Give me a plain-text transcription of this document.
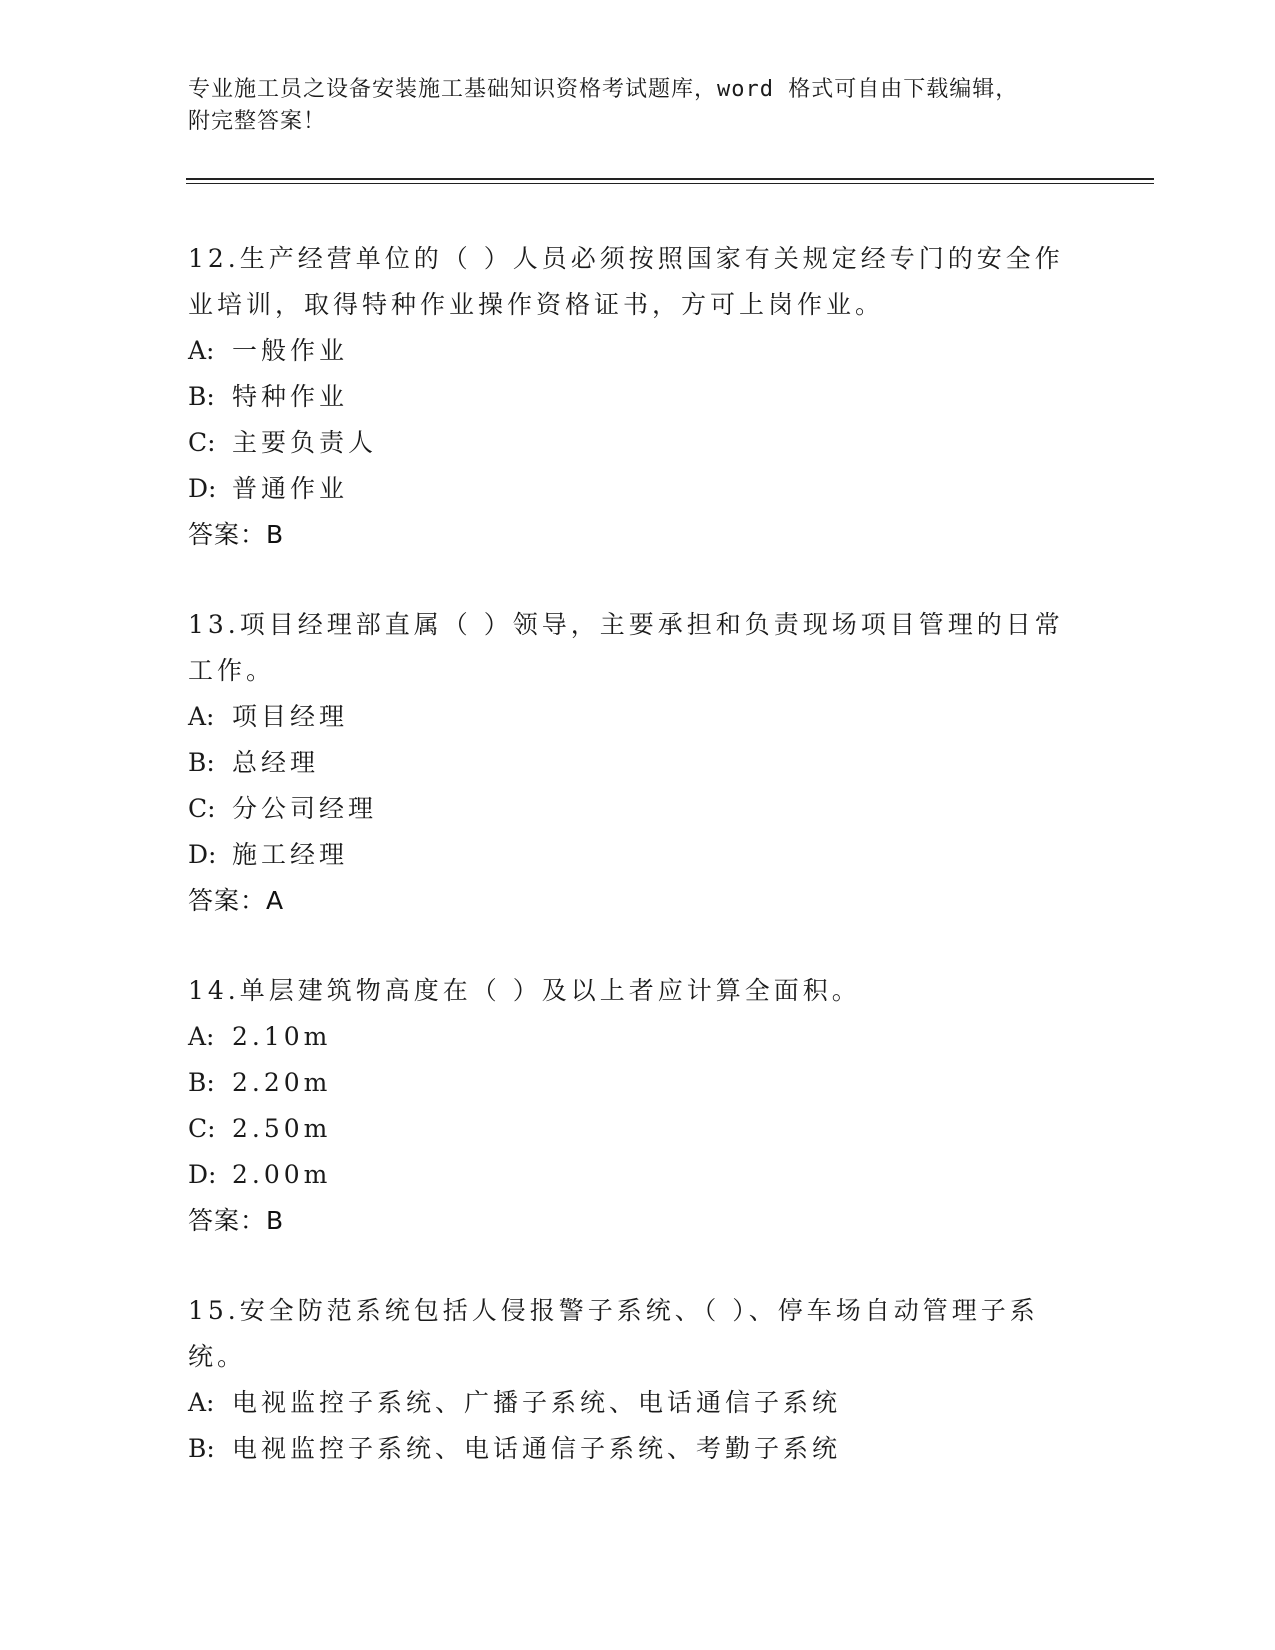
专业施工员之设备安装施工基础知识资格考试题库，word 格式可自由下载编辑，
附完整答案！
12.生产经营单位的（ ）人员必须按照国家有关规定经专门的安全作业培训，取得特种作业操作资格证书，方可上岗作业。
A: 一般作业
B: 特种作业
C: 主要负责人
D: 普通作业
答案：B
13.项目经理部直属（ ）领导，主要承担和负责现场项目管理的日常工作。
A: 项目经理
B: 总经理
C: 分公司经理
D: 施工经理
答案：A
14.单层建筑物高度在（ ）及以上者应计算全面积。
A: 2.10m
B: 2.20m
C: 2.50m
D: 2.00m
答案：B
15.安全防范系统包括人侵报警子系统、（ ）、停车场自动管理子系统。
A: 电视监控子系统、广播子系统、电话通信子系统
B: 电视监控子系统、电话通信子系统、考勤子系统
